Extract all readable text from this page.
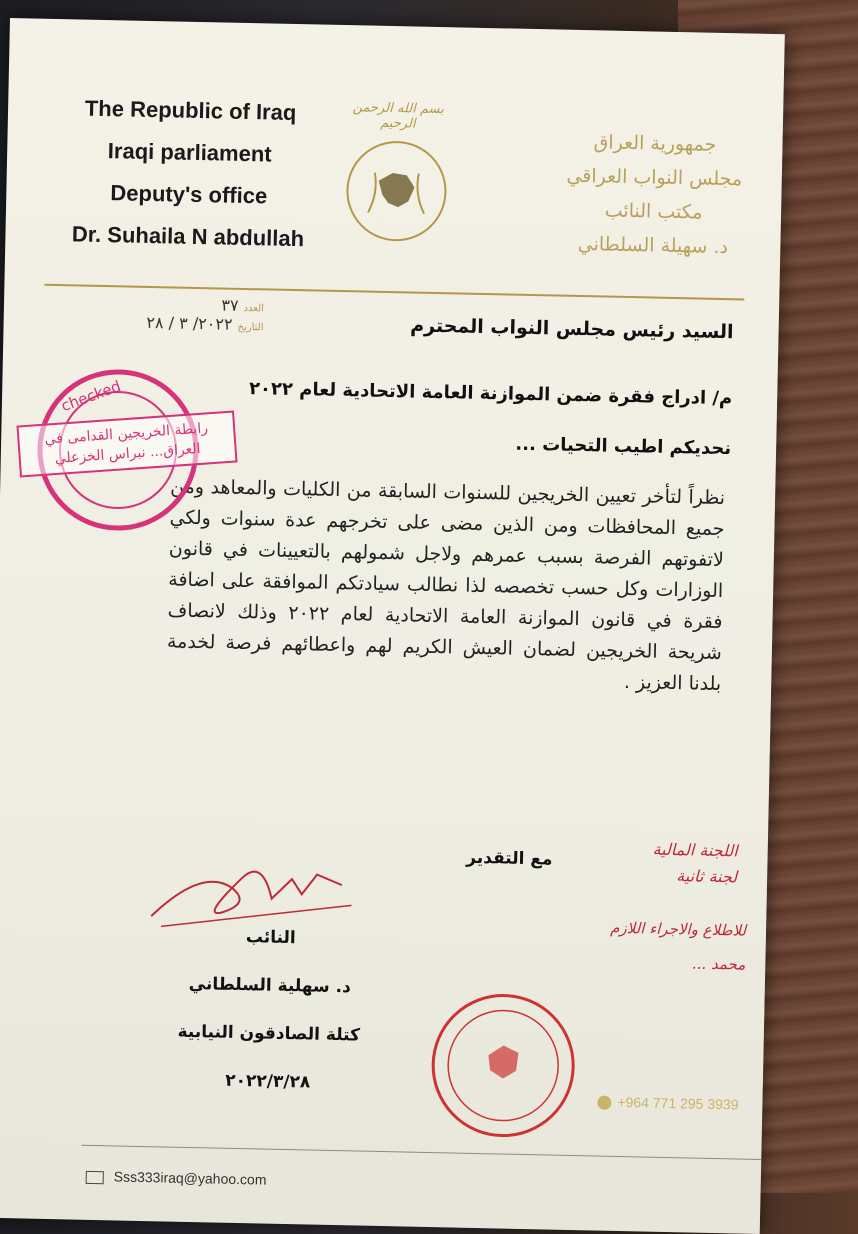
The Republic of Iraq
Iraqi parliament
Deputy's office
Dr. Suhaila N abdullah
بسم الله الرحمن الرحيم
جمهورية العراق
مجلس النواب العراقي
مكتب النائب
د. سهيلة السلطاني
العدد ٣٧
التاريخ ٢٠٢٢/ ٣ / ٢٨	السيد رئيس مجلس النواب المحترم
م/ ادراج فقرة ضمن الموازنة العامة الاتحادية لعام ٢٠٢٢
نحديكم اطيب التحيات ...
نظراً لتأخر تعيين الخريجين للسنوات السابقة من الكليات والمعاهد ومن جميع المحافظات ومن الذين مضى على تخرجهم عدة سنوات ولكي لاتفوتهم الفرصة بسبب عمرهم ولاجل شمولهم بالتعيينات في قانون الوزارات وكل حسب تخصصه لذا نطالب سيادتكم الموافقة على اضافة فقرة في قانون الموازنة العامة الاتحادية لعام ٢٠٢٢ وذلك لانصاف شريحة الخريجين لضمان العيش الكريم لهم واعطائهم فرصة لخدمة بلدنا العزيز .
مع التقدير
النائب
د. سهلية السلطاني
كتلة الصادقون النيابية
٢٠٢٢/٣/٢٨
اللجنة المالية
لجنة ثانية
للاطلاع والاجراء اللازم
محمد ...
+964 771 295 3939
Sss333iraq@yahoo.com
checked
رابطة الخريجين القدامى في العراق... نبراس الخزعلي
